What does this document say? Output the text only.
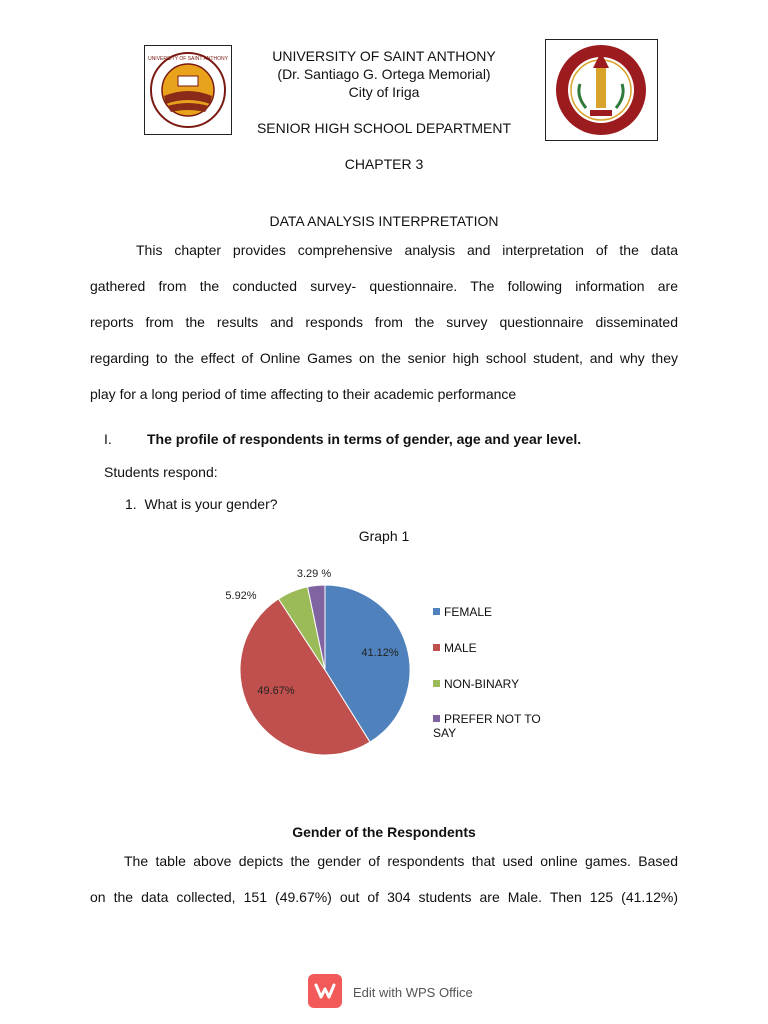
UNIVERSITY OF SAINT ANTHONY	UNIVERSITY OF SAINT ANTHONY
(Dr. Santiago G. Ortega Memorial)
City of Iriga
SENIOR HIGH SCHOOL DEPARTMENT
CHAPTER 3
DATA ANALYSIS INTERPRETATION
This chapter provides comprehensive analysis and interpretation of the data
gathered from the conducted survey- questionnaire. The following information are
reports from the results and responds from the survey questionnaire disseminated
regarding to the effect of Online Games on the senior high school student, and why they
play for a long period of time affecting to their academic performance
I.	The profile of respondents in terms of gender, age and year level.
Students respond:
1.  What is your gender?
Graph 1
41.12%
49.67%
5.92%
3.29 %
FEMALE
MALE
NON-BINARY
PREFER NOT TO SAY
Gender of the Respondents
The table above depicts the gender of respondents that used online games. Based
on the data collected, 151 (49.67%) out of 304 students are Male. Then 125 (41.12%)
Edit with WPS Office
